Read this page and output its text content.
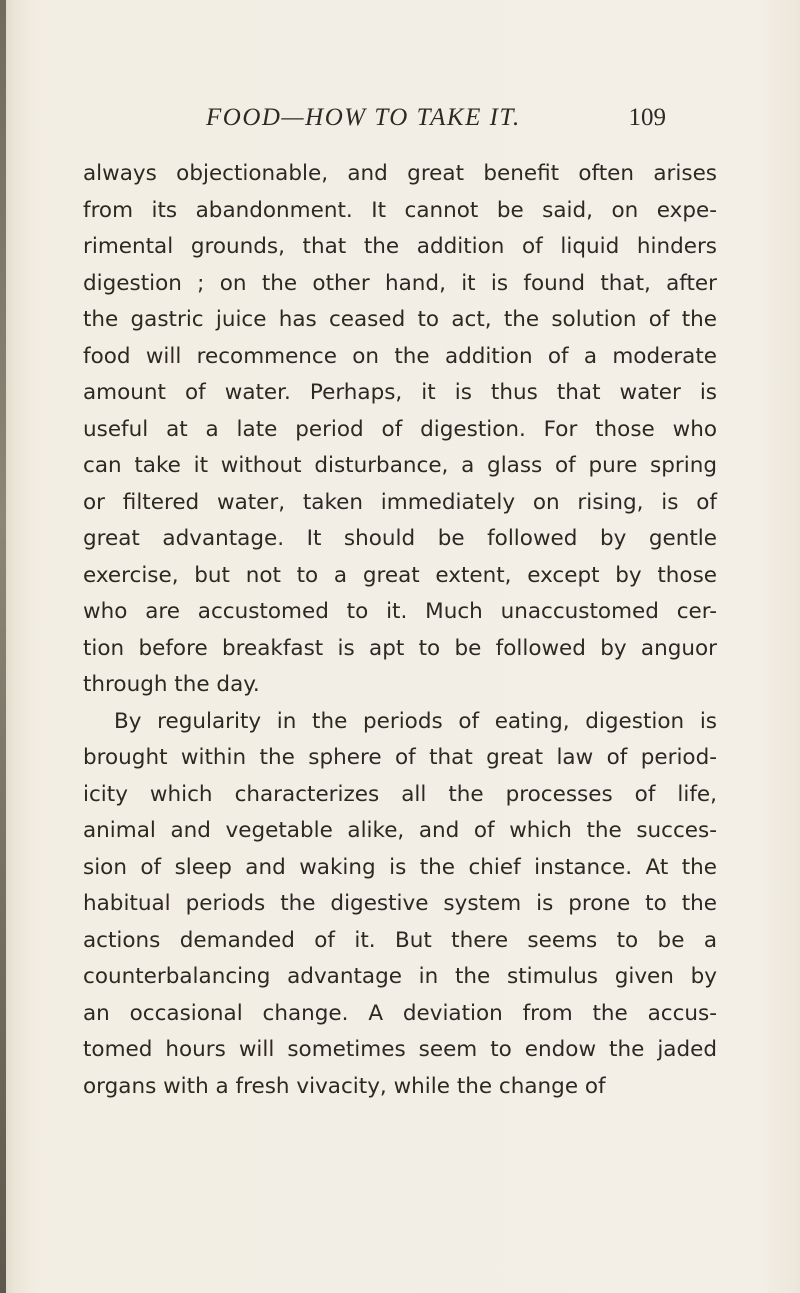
FOOD—HOW TO TAKE IT.	109
always objectionable, and great benefit often arises
from its abandonment. It cannot be said, on expe-
rimental grounds, that the addition of liquid hinders
digestion ; on the other hand, it is found that, after
the gastric juice has ceased to act, the solution of the
food will recommence on the addition of a moderate
amount of water. Perhaps, it is thus that water is
useful at a late period of digestion. For those who
can take it without disturbance, a glass of pure spring
or filtered water, taken immediately on rising, is of
great advantage. It should be followed by gentle
exercise, but not to a great extent, except by those
who are accustomed to it. Much unaccustomed cer-
tion before breakfast is apt to be followed by anguor
through the day.
By regularity in the periods of eating, digestion is
brought within the sphere of that great law of period-
icity which characterizes all the processes of life,
animal and vegetable alike, and of which the succes-
sion of sleep and waking is the chief instance. At the
habitual periods the digestive system is prone to the
actions demanded of it. But there seems to be a
counterbalancing advantage in the stimulus given by
an occasional change. A deviation from the accus-
tomed hours will sometimes seem to endow the jaded
organs with a fresh vivacity, while the change of
